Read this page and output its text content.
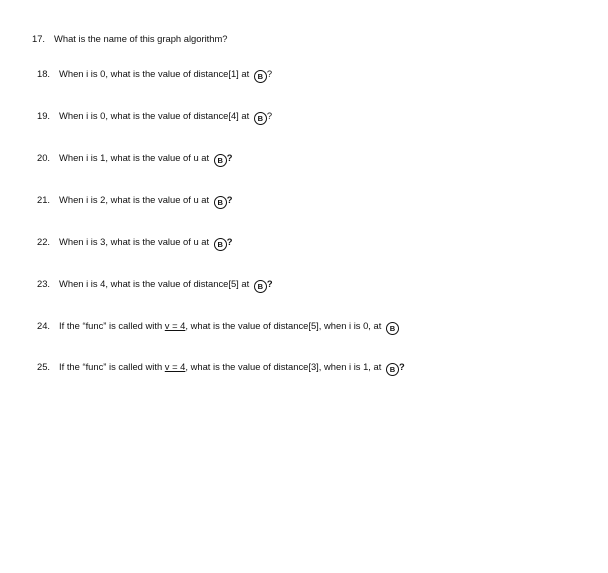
17. What is the name of this graph algorithm?
18. When i is 0, what is the value of distance[1] at B ?
19. When i is 0, what is the value of distance[4] at B ?
20. When i is 1, what is the value of u at B ?
21. When i is 2, what is the value of u at B ?
22. When i is 3, what is the value of u at B ?
23. When i is 4, what is the value of distance[5] at B ?
24. If the “func” is called with v = 4, what is the value of distance[5], when i is 0, at B
25. If the “func” is called with v = 4, what is the value of distance[3], when i is 1, at B ?
